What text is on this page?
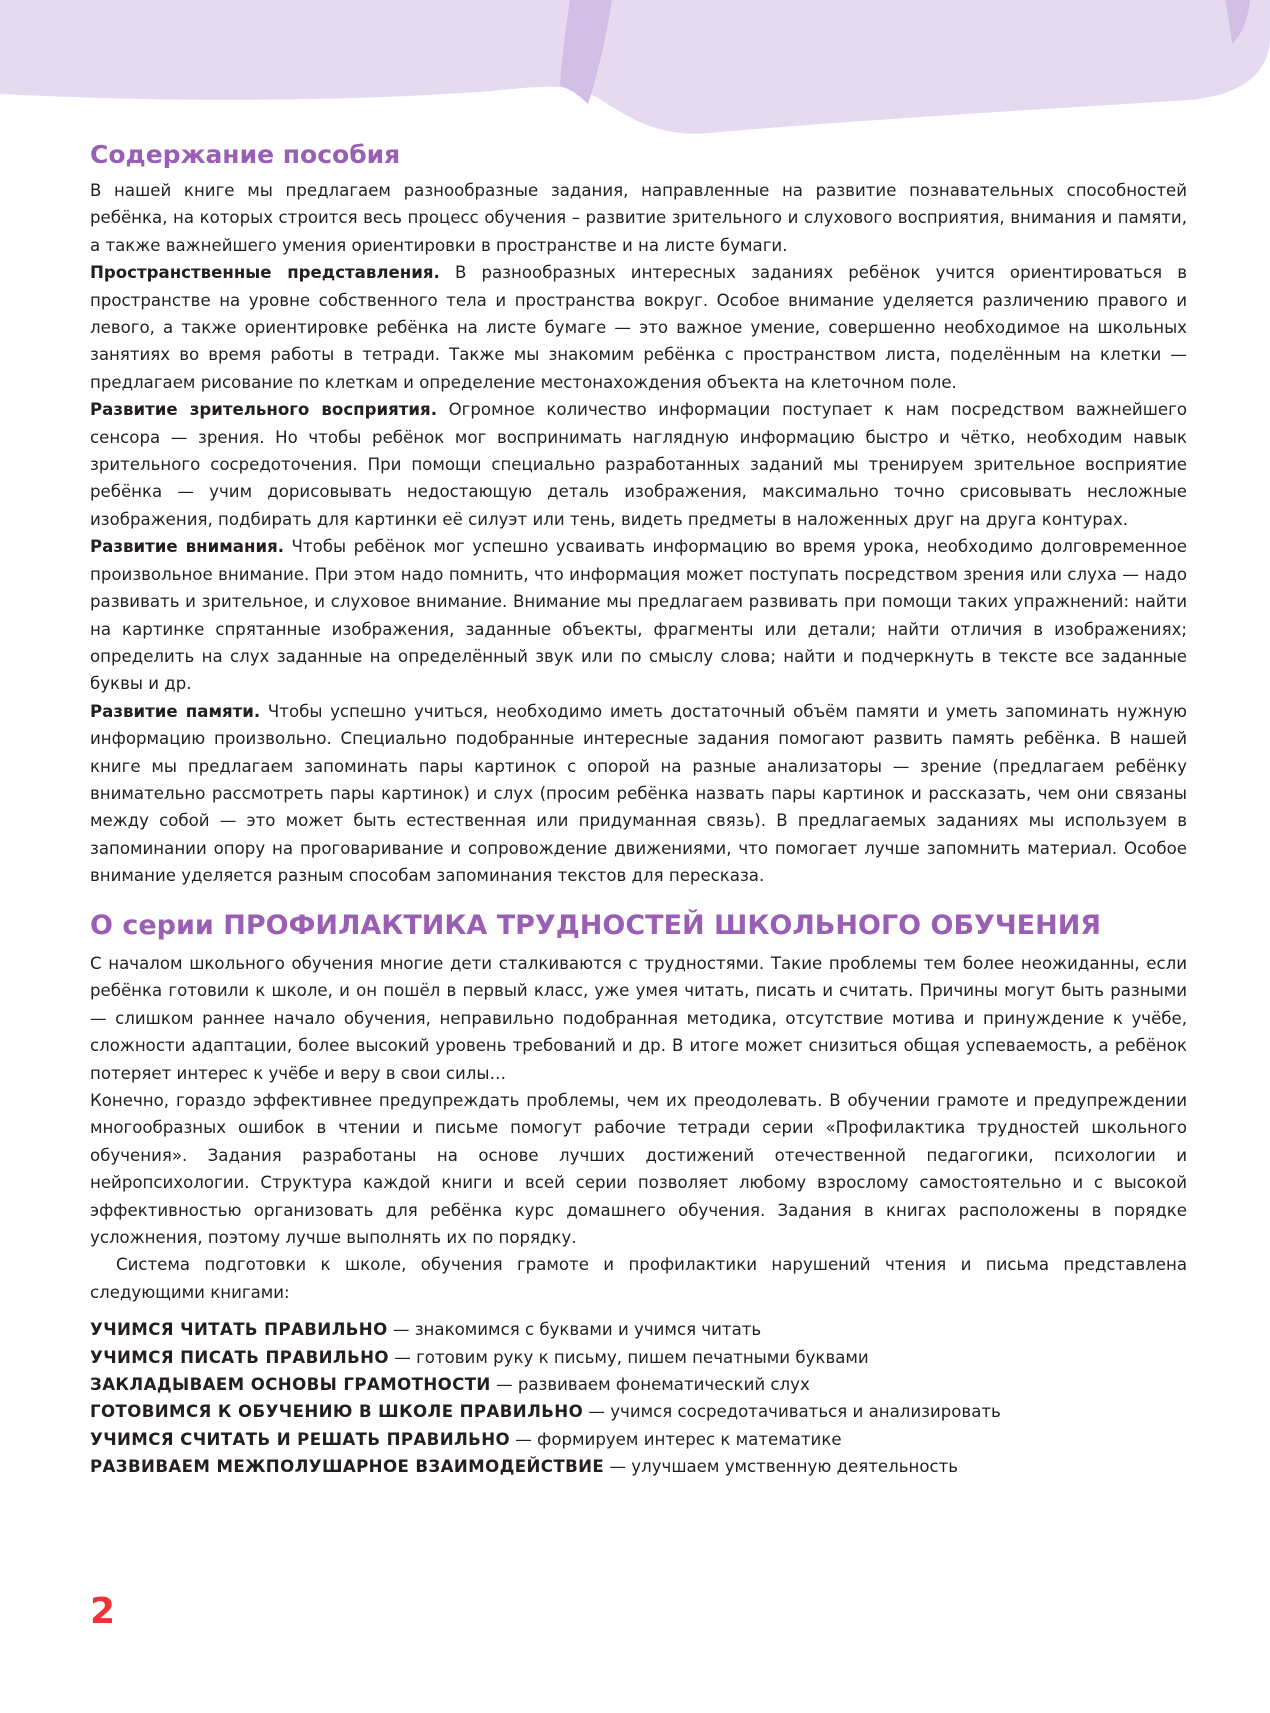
Содержание пособия

В нашей книге мы предлагаем разнообразные задания, направленные на развитие познавательных способностей ребёнка, на которых строится весь процесс обучения – развитие зрительного и слухового восприятия, внимания и памяти, а также важнейшего умения ориентировки в пространстве и на листе бумаги.

Пространственные представления. В разнообразных интересных заданиях ребёнок учится ориентироваться в пространстве на уровне собственного тела и пространства вокруг. Особое внимание уделяется различению правого и левого, а также ориентировке ребёнка на листе бумаге — это важное умение, совершенно необходимое на школьных занятиях во время работы в тетради. Также мы знакомим ребёнка с пространством листа, поделённым на клетки — предлагаем рисование по клеткам и определение местонахождения объекта на клеточном поле.

Развитие зрительного восприятия. Огромное количество информации поступает к нам посредством важнейшего сенсора — зрения. Но чтобы ребёнок мог воспринимать наглядную информацию быстро и чётко, необходим навык зрительного сосредоточения. При помощи специально разработанных заданий мы тренируем зрительное восприятие ребёнка — учим дорисовывать недостающую деталь изображения, максимально точно срисовывать несложные изображения, подбирать для картинки её силуэт или тень, видеть предметы в наложенных друг на друга контурах.

Развитие внимания. Чтобы ребёнок мог успешно усваивать информацию во время урока, необходимо долговременное произвольное внимание. При этом надо помнить, что информация может поступать посредством зрения или слуха — надо развивать и зрительное, и слуховое внимание. Внимание мы предлагаем развивать при помощи таких упражнений: найти на картинке спрятанные изображения, заданные объекты, фрагменты или детали; найти отличия в изображениях; определить на слух заданные на определённый звук или по смыслу слова; найти и подчеркнуть в тексте все заданные буквы и др.

Развитие памяти. Чтобы успешно учиться, необходимо иметь достаточный объём памяти и уметь запоминать нужную информацию произвольно. Специально подобранные интересные задания помогают развить память ребёнка. В нашей книге мы предлагаем запоминать пары картинок с опорой на разные анализаторы — зрение (предлагаем ребёнку внимательно рассмотреть пары картинок) и слух (просим ребёнка назвать пары картинок и рассказать, чем они связаны между собой — это может быть естественная или придуманная связь). В предлагаемых заданиях мы используем в запоминании опору на проговаривание и сопровождение движениями, что помогает лучше запомнить материал. Особое внимание уделяется разным способам запоминания текстов для пересказа.

О серии ПРОФИЛАКТИКА ТРУДНОСТЕЙ ШКОЛЬНОГО ОБУЧЕНИЯ

С началом школьного обучения многие дети сталкиваются с трудностями. Такие проблемы тем более неожиданны, если ребёнка готовили к школе, и он пошёл в первый класс, уже умея читать, писать и считать. Причины могут быть разными — слишком раннее начало обучения, неправильно подобранная методика, отсутствие мотива и принуждение к учёбе, сложности адаптации, более высокий уровень требований и др. В итоге может снизиться общая успеваемость, а ребёнок потеряет интерес к учёбе и веру в свои силы…

Конечно, гораздо эффективнее предупреждать проблемы, чем их преодолевать. В обучении грамоте и предупреждении многообразных ошибок в чтении и письме помогут рабочие тетради серии «Профилактика трудностей школьного обучения». Задания разработаны на основе лучших достижений отечественной педагогики, психологии и нейропсихологии. Структура каждой книги и всей серии позволяет любому взрослому самостоятельно и с высокой эффективностью организовать для ребёнка курс домашнего обучения. Задания в книгах расположены в порядке усложнения, поэтому лучше выполнять их по порядку.

Система подготовки к школе, обучения грамоте и профилактики нарушений чтения и письма представлена следующими книгами:

УЧИМСЯ ЧИТАТЬ ПРАВИЛЬНО — знакомимся с буквами и учимся читать
УЧИМСЯ ПИСАТЬ ПРАВИЛЬНО — готовим руку к письму, пишем печатными буквами
ЗАКЛАДЫВАЕМ ОСНОВЫ ГРАМОТНОСТИ — развиваем фонематический слух
ГОТОВИМСЯ К ОБУЧЕНИЮ В ШКОЛЕ ПРАВИЛЬНО — учимся сосредотачиваться и анализировать
УЧИМСЯ СЧИТАТЬ И РЕШАТЬ ПРАВИЛЬНО — формируем интерес к математике
РАЗВИВАЕМ МЕЖПОЛУШАРНОЕ ВЗАИМОДЕЙСТВИЕ — улучшаем умственную деятельность
2
